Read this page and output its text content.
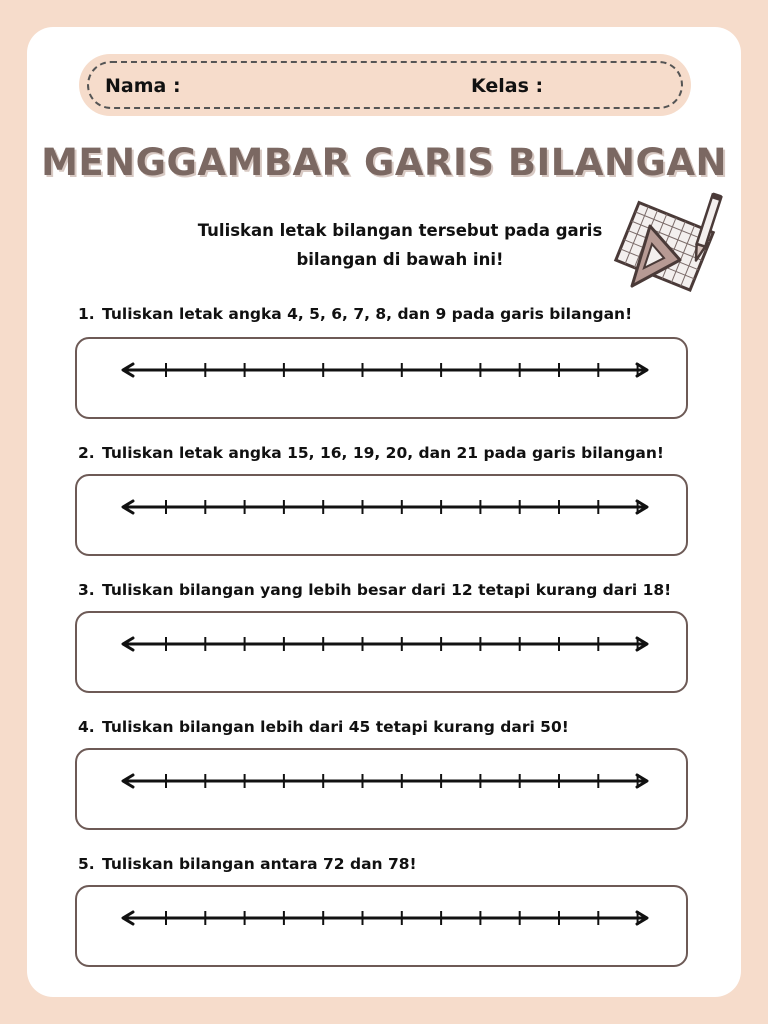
Nama :	Kelas :
MENGGAMBAR GARIS BILANGAN
Tuliskan letak bilangan tersebut pada garis
bilangan di bawah ini!
1. Tuliskan letak angka 4, 5, 6, 7, 8, dan 9 pada garis bilangan!
2. Tuliskan letak angka 15, 16, 19, 20, dan 21 pada garis bilangan!
3. Tuliskan bilangan yang lebih besar dari 12 tetapi kurang dari 18!
4. Tuliskan bilangan lebih dari 45 tetapi kurang dari 50!
5. Tuliskan bilangan antara 72 dan 78!
